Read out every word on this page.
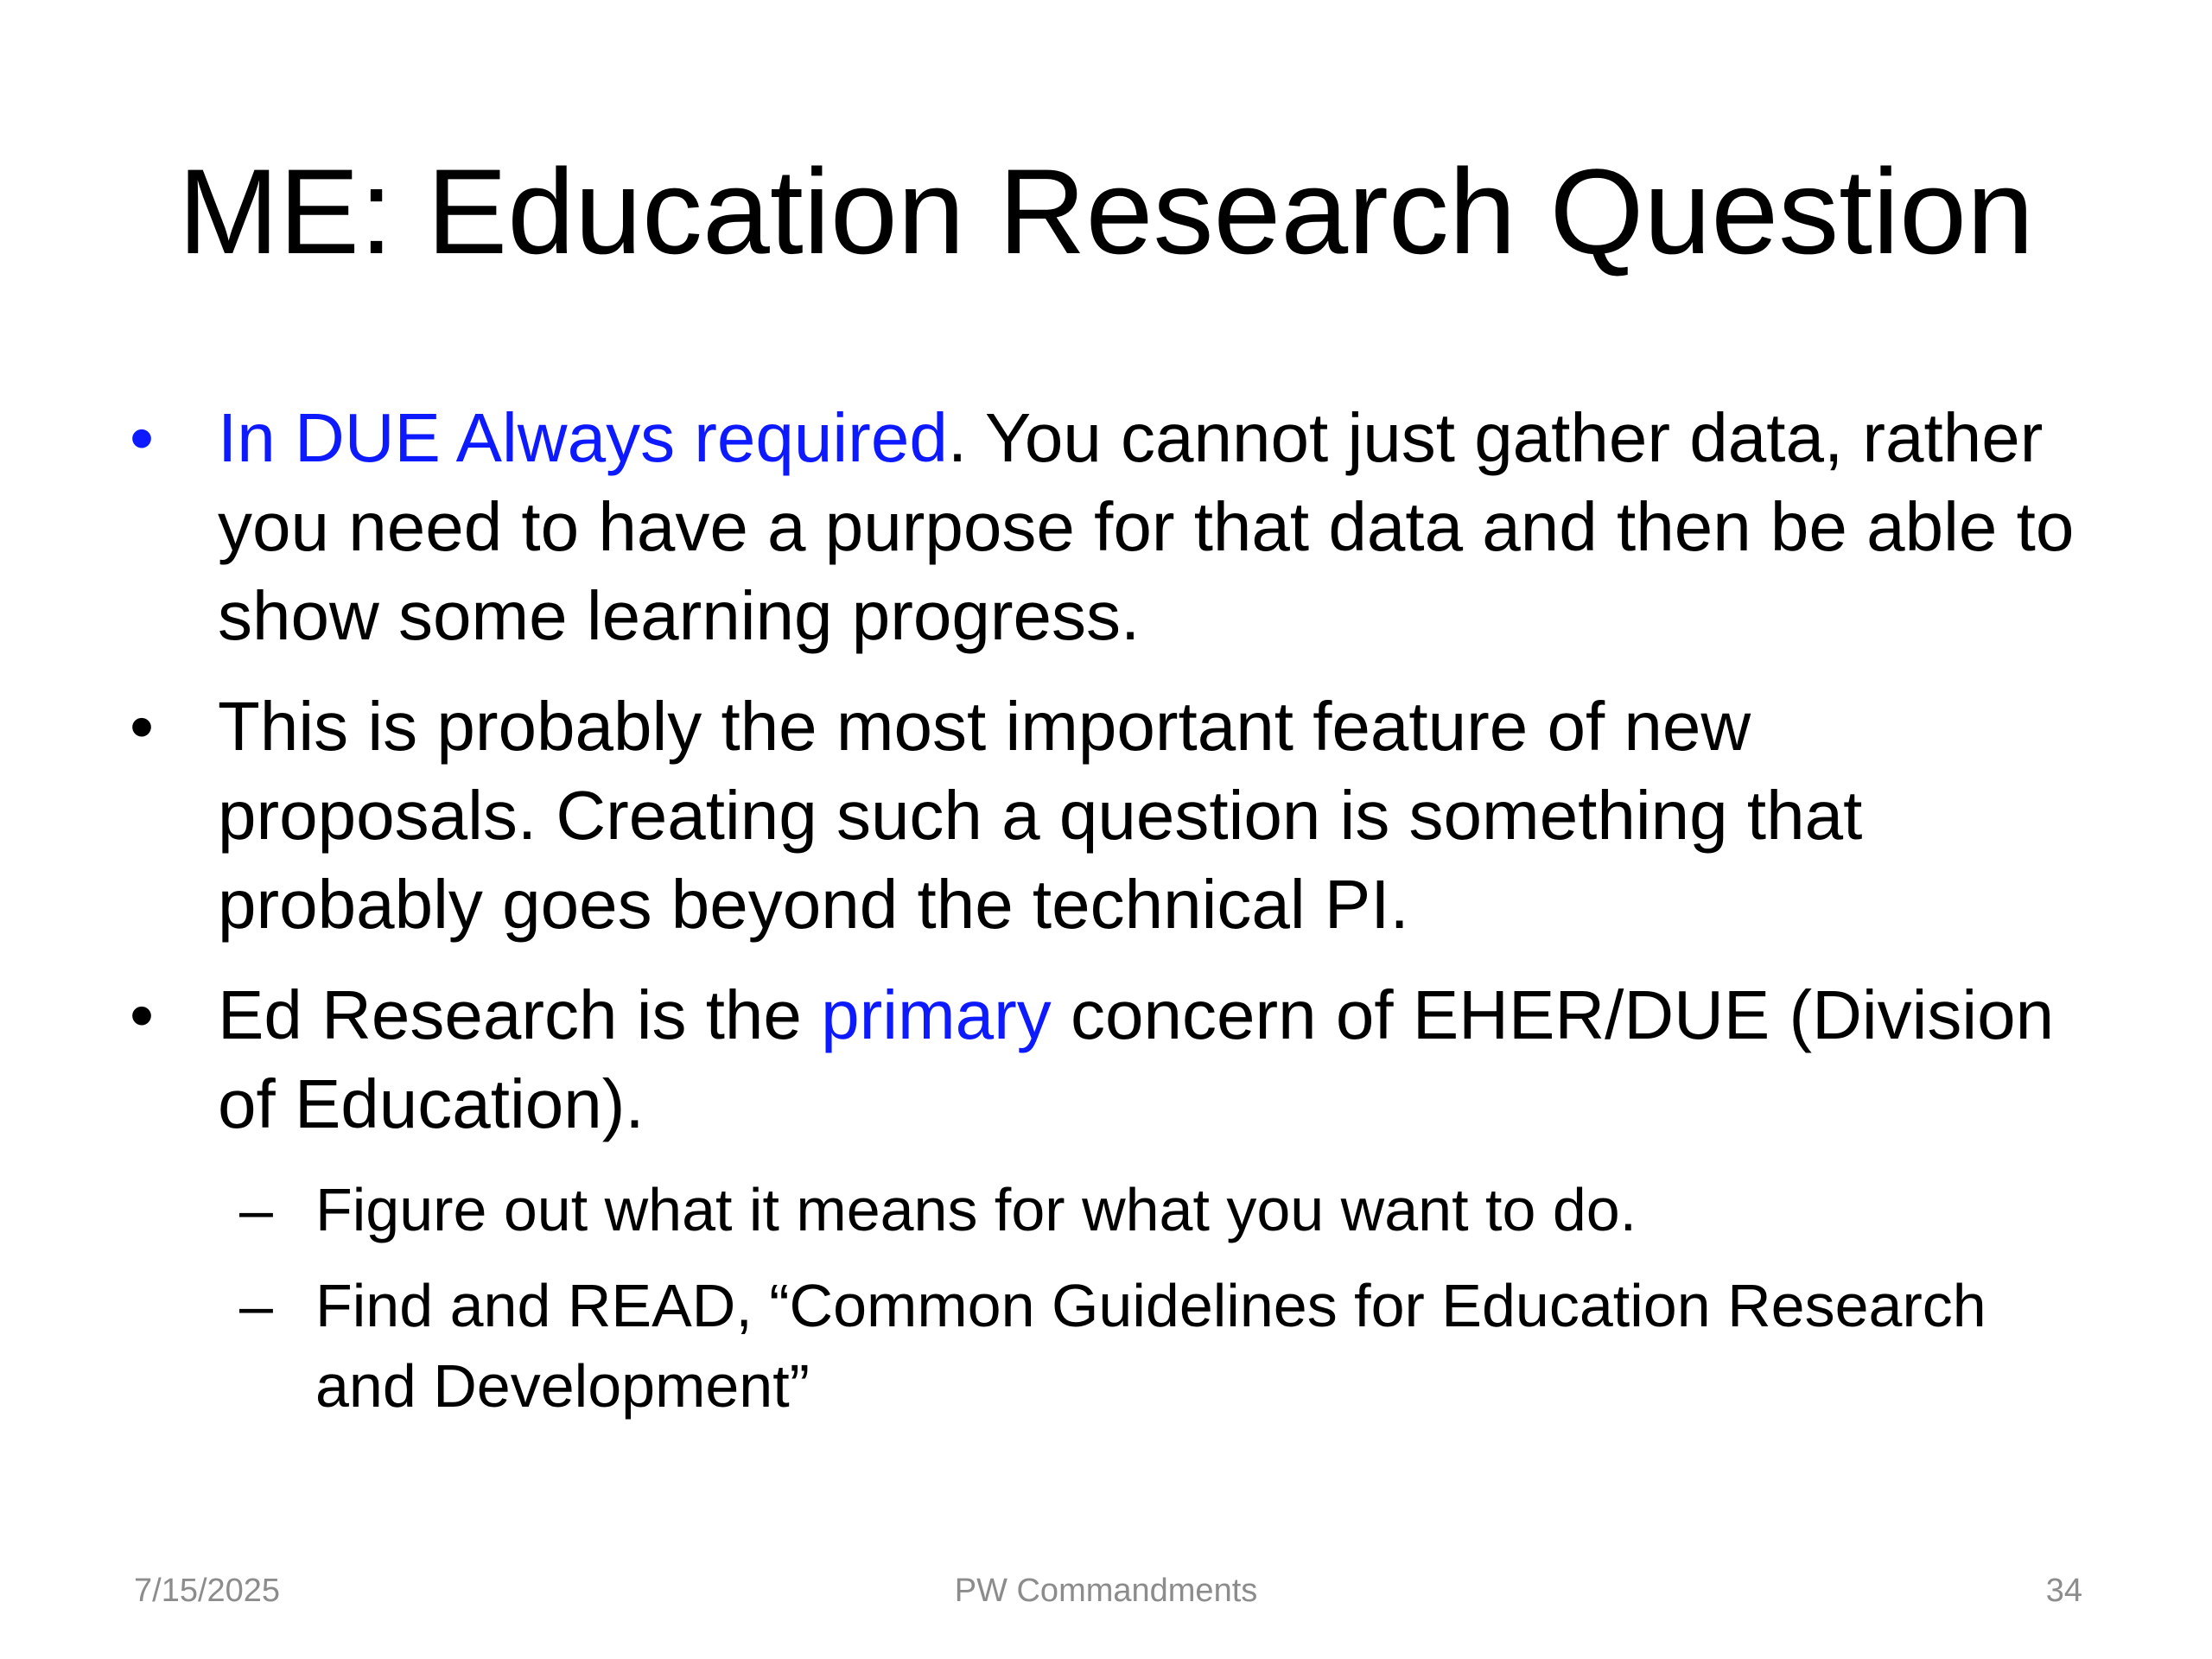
ME: Education Research Question
• In DUE Always required. You cannot just gather data, rather you need to have a purpose for that data and then be able to show some learning progress.
• This is probably the most important feature of new proposals. Creating such a question is something that probably goes beyond the technical PI.
• Ed Research is the primary concern of EHER/DUE (Division of Education).
– Figure out what it means for what you want to do.
– Find and READ, “Common Guidelines for Education Research and Development”
7/15/2025	PW Commandments	34
